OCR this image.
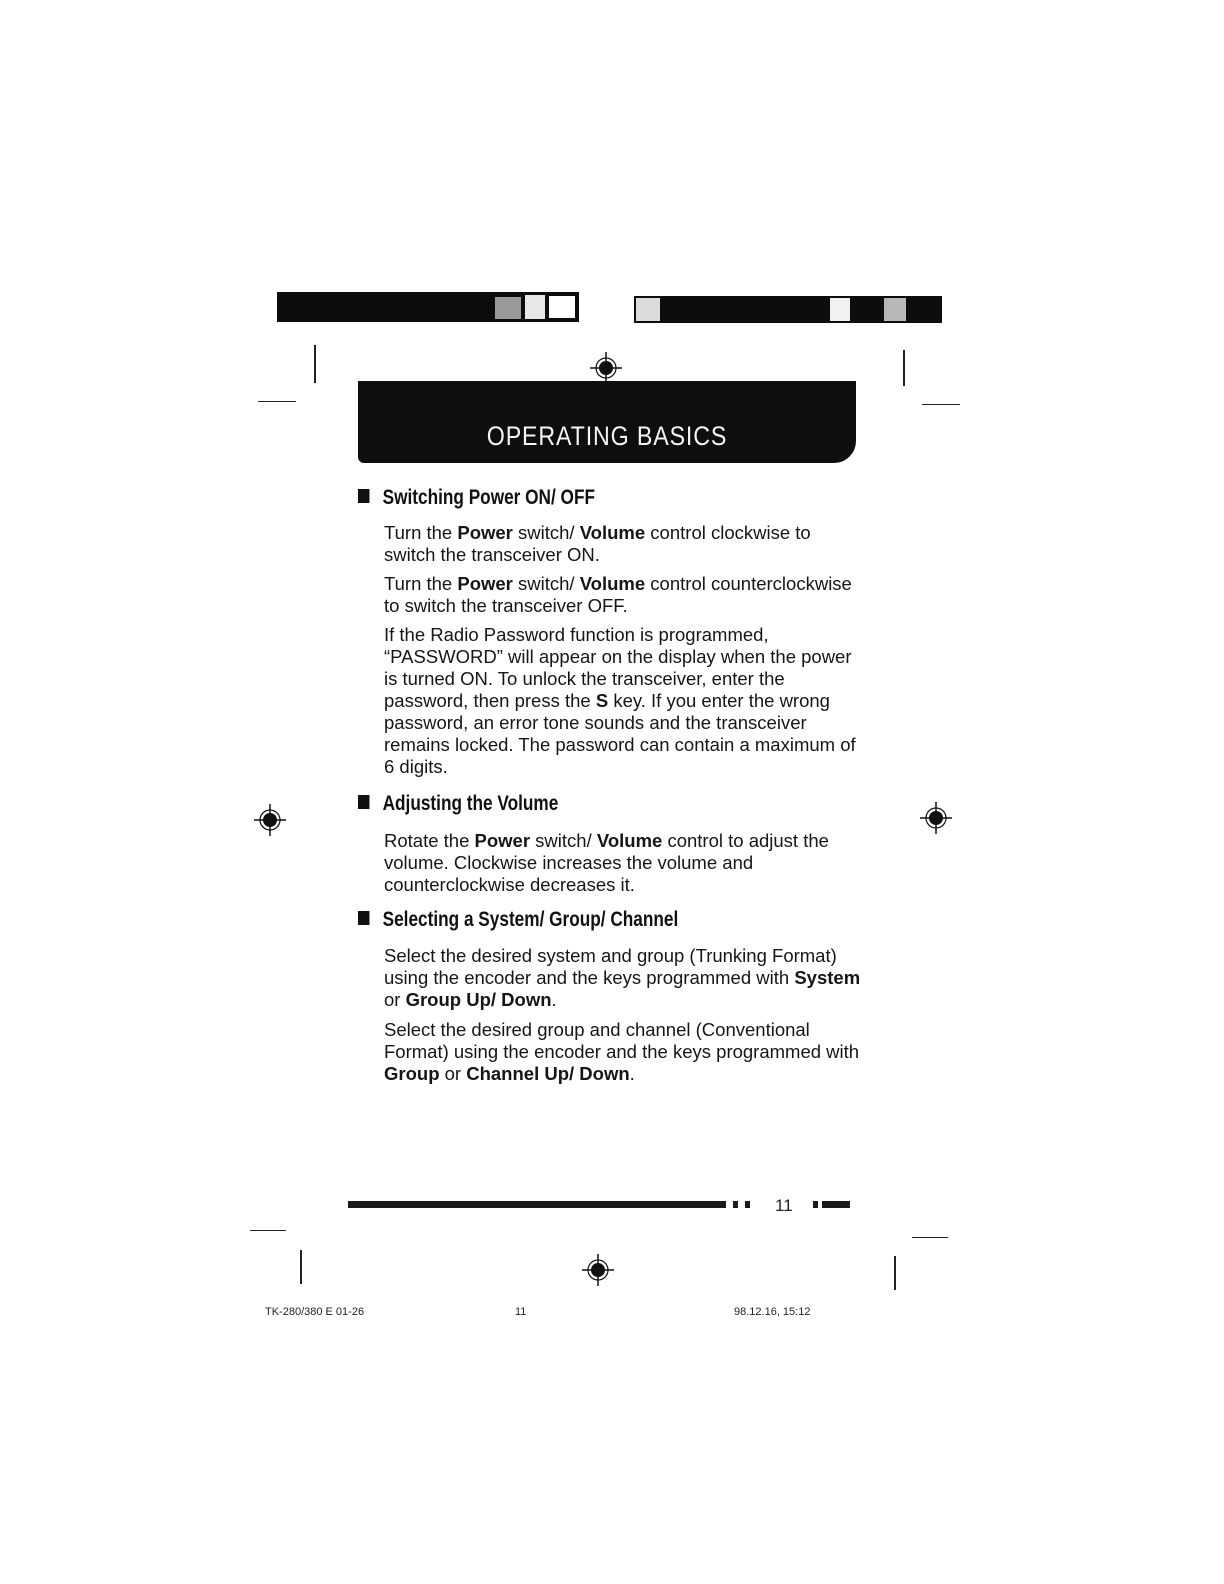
OPERATING BASICS
Switching Power ON/ OFF
Turn the Power switch/ Volume control clockwise to switch the transceiver ON.
Turn the Power switch/ Volume control counterclockwise to switch the transceiver OFF.
If the Radio Password function is programmed, “PASSWORD” will appear on the display when the power is turned ON. To unlock the transceiver, enter the password, then press the S key. If you enter the wrong password, an error tone sounds and the transceiver remains locked. The password can contain a maximum of 6 digits.
Adjusting the Volume
Rotate the Power switch/ Volume control to adjust the volume. Clockwise increases the volume and counterclockwise decreases it.
Selecting a System/ Group/ Channel
Select the desired system and group (Trunking Format) using the encoder and the keys programmed with System or Group Up/ Down.
Select the desired group and channel (Conventional Format) using the encoder and the keys programmed with Group or Channel Up/ Down.
11
TK-280/380 E 01-26	11	98.12.16, 15:12
